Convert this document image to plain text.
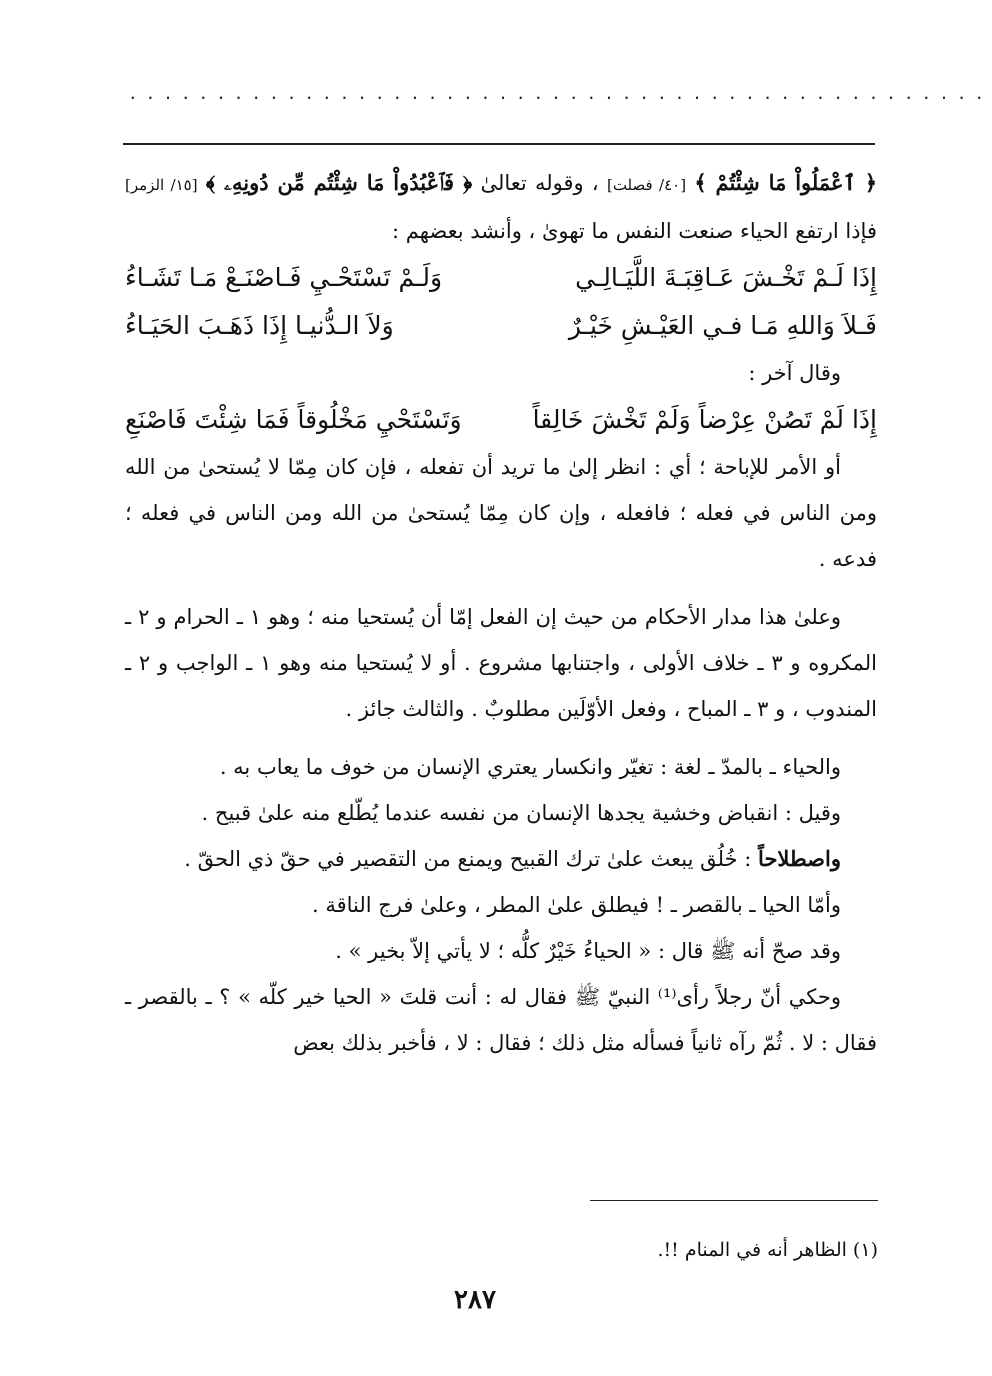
.................................................

﴿ ٱعْمَلُواْ مَا شِئْتُمْ ﴾ [٤٠/ فصلت] ، وقوله تعالىٰ ﴿ فَٱعْبُدُواْ مَا شِئْتُم مِّن دُونِهِۦ ﴾ [١٥/ الزمر] فإذا ارتفع الحياء صنعت النفس ما تهوىٰ ، وأنشد بعضهم :

إِذَا لَـمْ تَخْـشَ عَـاقِبَـةَ اللَّيَـالِـي
وَلَـمْ تَسْتَحْـيِ فَـاصْنَـعْ مَـا تَشَـاءُ
فَـلاَ وَاللهِ مَـا فـي العَيْـشِ خَيْـرٌ
وَلاَ الـدُّنيـا إِذَا ذَهَـبَ الحَيَـاءُ

وقال آخر :

إِذَا لَمْ تَصُنْ عِرْضاً وَلَمْ تَخْشَ خَالِقاً
وَتَسْتَحْيِ مَخْلُوقاً فَمَا شِئْتَ فَاصْنَعِ

أو الأمر للإباحة ؛ أي : انظر إلىٰ ما تريد أن تفعله ، فإن كان مِمّا لا يُستحىٰ من الله ومن الناس في فعله ؛ فافعله ، وإن كان مِمّا يُستحىٰ من الله ومن الناس في فعله ؛ فدعه .

وعلىٰ هذا مدار الأحكام من حيث إن الفعل إمّا أن يُستحيا منه ؛ وهو ١ ـ الحرام و ٢ ـ المكروه و ٣ ـ خلاف الأولى ، واجتنابها مشروع . أو لا يُستحيا منه وهو ١ ـ الواجب و ٢ ـ المندوب ، و ٣ ـ المباح ، وفعل الأوّلَين مطلوبٌ . والثالث جائز .

والحياء ـ بالمدّ ـ لغة : تغيّر وانكسار يعتري الإنسان من خوف ما يعاب به .

وقيل : انقباض وخشية يجدها الإنسان من نفسه عندما يُطّلع منه علىٰ قبيح .

واصطلاحاً : خُلُق يبعث علىٰ ترك القبيح ويمنع من التقصير في حقّ ذي الحقّ .

وأمّا الحيا ـ بالقصر ـ ! فيطلق علىٰ المطر ، وعلىٰ فرج الناقة .

وقد صحّ أنه ﷺ قال : « الحياءُ خَيْرٌ كلُّه ؛ لا يأتي إلاّ بخير » .

وحكي أنّ رجلاً رأى⁽¹⁾ النبيّ ﷺ فقال له : أنت قلتَ « الحيا خير كلّه » ؟ ـ بالقصر ـ فقال : لا . ثُمّ رآه ثانياً فسأله مثل ذلك ؛ فقال : لا ، فأخبر بذلك بعض

(١) الظاهر أنه في المنام !!.
٢٨٧
